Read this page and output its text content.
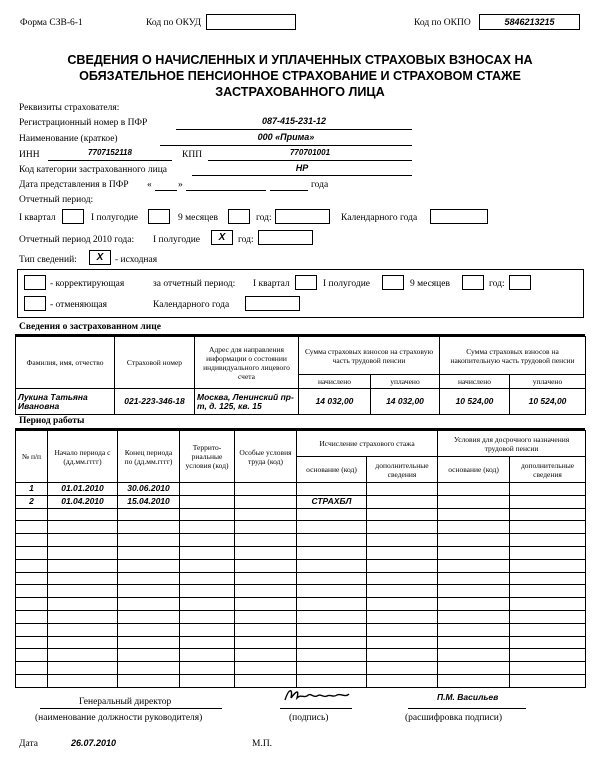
Форма СЗВ-6-1	Код по ОКУД	Код по ОКПО	5846213215
СВЕДЕНИЯ О НАЧИСЛЕННЫХ И УПЛАЧЕННЫХ СТРАХОВЫХ ВЗНОСАХ НА
ОБЯЗАТЕЛЬНОЕ ПЕНСИОННОЕ СТРАХОВАНИЕ И СТРАХОВОМ СТАЖЕ
ЗАСТРАХОВАННОГО ЛИЦА
Реквизиты страхователя:
Регистрационный номер в ПФР	087-415-231-12
Наименование (краткое)	000 «Прима»
ИНН	7707152118	КПП	770701001
Код категории застрахованного лица	НР
Дата представления в ПФР «	»	года
Отчетный период:
I квартал	I полугодие	9 месяцев	год:	Календарного года
Отчетный период 2010 года: I полугодие	X	год:
Тип сведений:	X	- исходная
- корректирующая	за отчетный период: I квартал	I полугодие	9 месяцев	год:
- отменяющая	Календарного года
Сведения о застрахованном лице
Фамилия, имя, отчество	Страховой номер	Адрес для направления информации о состоянии индивидуального лицевого счета	Сумма страховых взносов на страховую часть трудовой пенсии		Сумма страховых взносов на накопительную часть трудовой пенсии	
			начислено	уплачено	начислено	уплачено
Лукина Татьяна Ивановна	021-223-346-18	Москва, Ленинский пр-т, д. 125, кв. 15	14 032,00	14 032,00	10 524,00	10 524,00
Период работы
№ п/п	Начало периода с (дд.мм.гггг)	Конец периода по (дд.мм.гггг)	Террито- риальные условия (код)	Особые условия труда (код)	Исчисление страхового стажа		Условия для досрочного назначения трудовой пенсии	
					основание (код)	дополнительные сведения	основание (код)	дополнительные сведения
1	01.01.2010	30.06.2010						
2	01.04.2010	15.04.2010			СТРАХБЛ			

Генеральный директор
(наименование должности руководителя)	(подпись)
П.М. Васильев
(расшифровка подписи)
Дата	26.07.2010	М.П.
